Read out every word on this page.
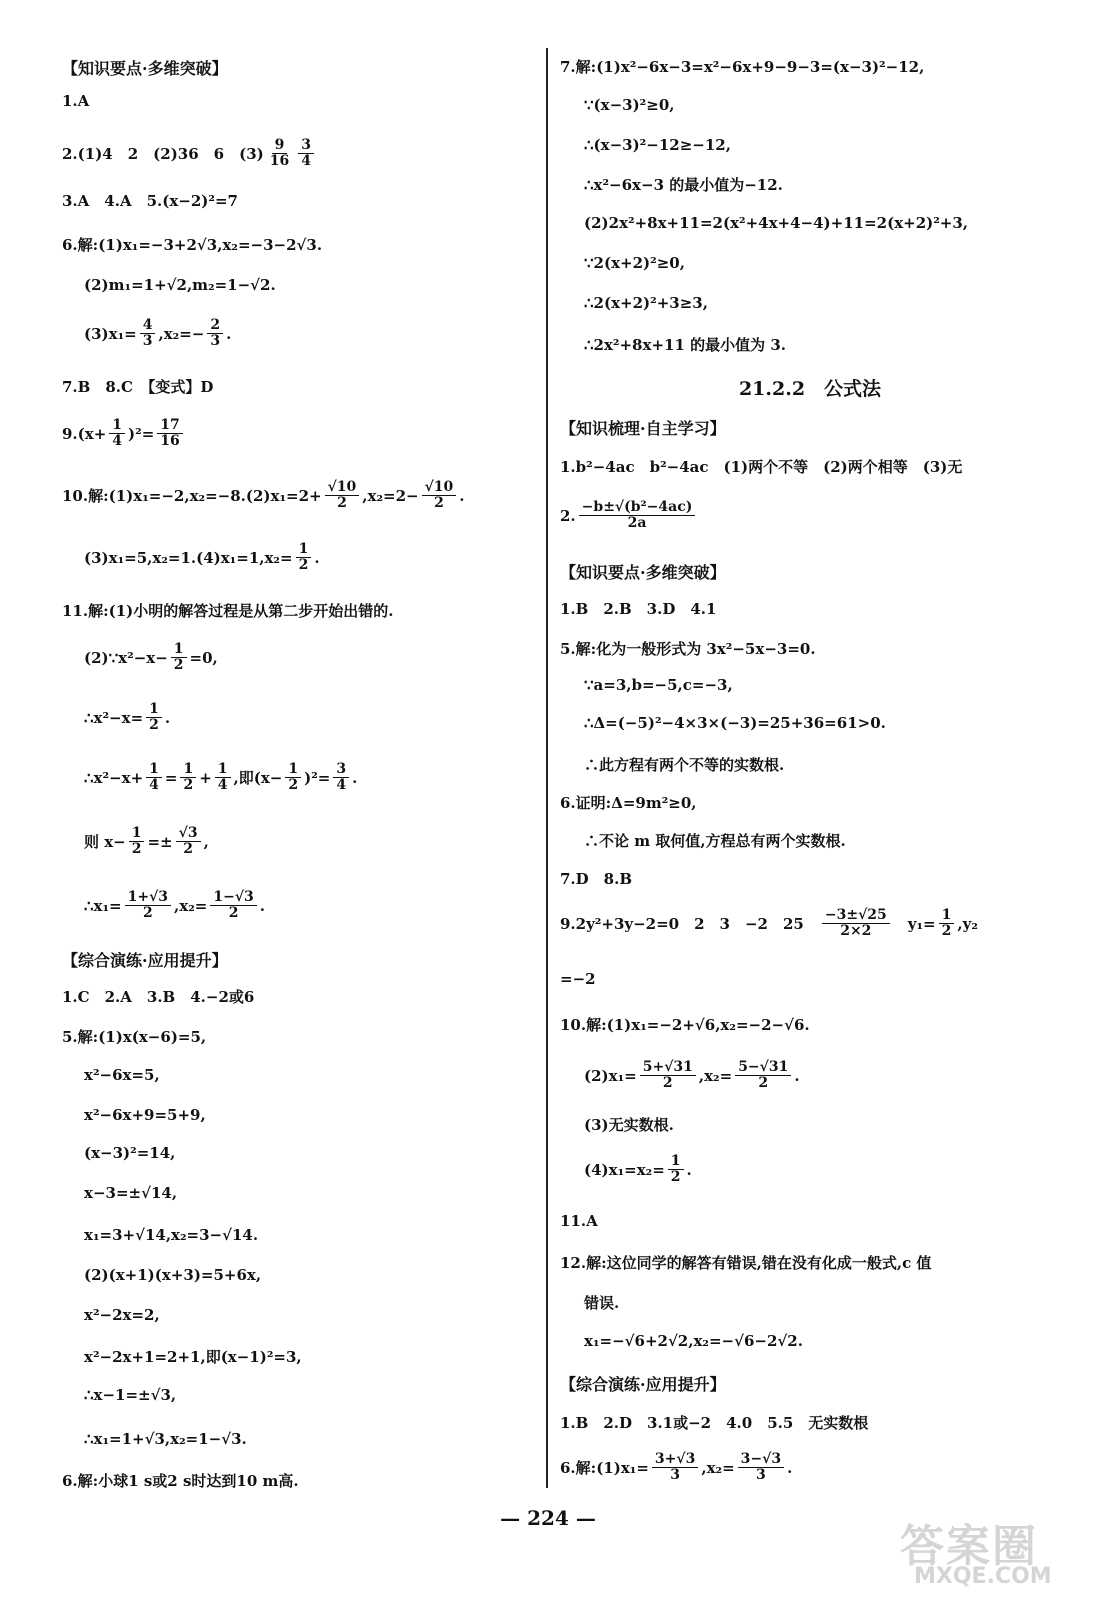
【知识要点·多维突破】
1.A
2.(1)4　2　(2)36　6　$(3) \frac{9}{16} \frac{3}{4}$
3.A　4.A　5.(x−2)²=7
6.解:(1)x₁=−3+2√3,x₂=−3−2√3.
(2)m₁=1+√2,m₂=1−√2.
$(3)x_1= \frac{4}{3} ,x_2=- \frac{2}{3}$ .
7.B　8.C　【变式】D
$9.(x+ \frac{1}{4} )^2= \frac{17}{16}$
10.解:(1)x₁=−2,x₂=−8.(2)x₁=2+ $\frac{√10}{2} ,x_2=2- \frac{√10}{2}$ .
$(3)x_1=5,x_2=1.(4)x_1=1,x_2= \frac{1}{2}$ .
11.解:(1)小明的解答过程是从第二步开始出错的.
(2)∵x²−x− $\frac{1}{2} =0$,
∴x²−x= $\frac{1}{2}$ .
∴x²−x+ $\frac{1}{4} = \frac{1}{2} + \frac{1}{4}$ ,即$(x- \frac{1}{2} )^2= \frac{3}{4}$ .
则 $x- \frac{1}{2} =\pm \frac{√3}{2}$ ,
∴x₁= $\frac{1+√3}{2} ,x_2= \frac{1-√3}{2}$ .
【综合演练·应用提升】
1.C　2.A　3.B　4.−2或6
5.解:(1)x(x−6)=5,
x²−6x=5,
x²−6x+9=5+9,
(x−3)²=14,
x−3=±√14,
x₁=3+√14,x₂=3−√14.
(2)(x+1)(x+3)=5+6x,
x²−2x=2,
x²−2x+1=2+1,即(x−1)²=3,
∴x−1=±√3,
∴x₁=1+√3,x₂=1−√3.
6.解:小球1 s或2 s时达到10 m高.
7.解:(1)x²−6x−3=x²−6x+9−9−3=(x−3)²−12,
∵(x−3)²≥0,
∴(x−3)²−12≥−12,
∴x²−6x−3 的最小值为−12.
(2)2x²+8x+11=2(x²+4x+4−4)+11=2(x+2)²+3,
∵2(x+2)²≥0,
∴2(x+2)²+3≥3,
∴2x²+8x+11 的最小值为 3.
21.2.2　公式法
【知识梳理·自主学习】
1.b²−4ac　b²−4ac　(1)两个不等　(2)两个相等　(3)无
2. $\frac{\text{−b±√(b²−4ac)}}{2a}$
【知识要点·多维突破】
1.B　2.B　3.D　4.1
5.解:化为一般形式为 3x²−5x−3=0.
∵a=3,b=−5,c=−3,
∴Δ=(−5)²−4×3×(−3)=25+36=61>0.
∴此方程有两个不等的实数根.
6.证明:Δ=9m²≥0,
∴不论 m 取何值,方程总有两个实数根.
7.D　8.B
9.2y²+3y−2=0　2　3　−2　25　 $\frac{-3\pm√25}{2\times 2}$ 　$y_1= \frac{1}{2} ,y_2$
=−2
10.解:(1)x₁=−2+√6,x₂=−2−√6.
$(2)x_1= \frac{5+√31}{2} ,x_2= \frac{5-√31}{2}$ .
(3)无实数根.
$(4)x_1=x_2= \frac{1}{2}$ .
11.A
12.解:这位同学的解答有错误,错在没有化成一般式,c 值
错误.
x₁=−√6+2√2,x₂=−√6−2√2.
【综合演练·应用提升】
1.B　2.D　3.1或−2　4.0　5.5　无实数根
6.解:(1)x₁= $\frac{3+√3}{3} ,x_2= \frac{3-√3}{3}$ .
— 224 —
答案圈
MXQE.COM
